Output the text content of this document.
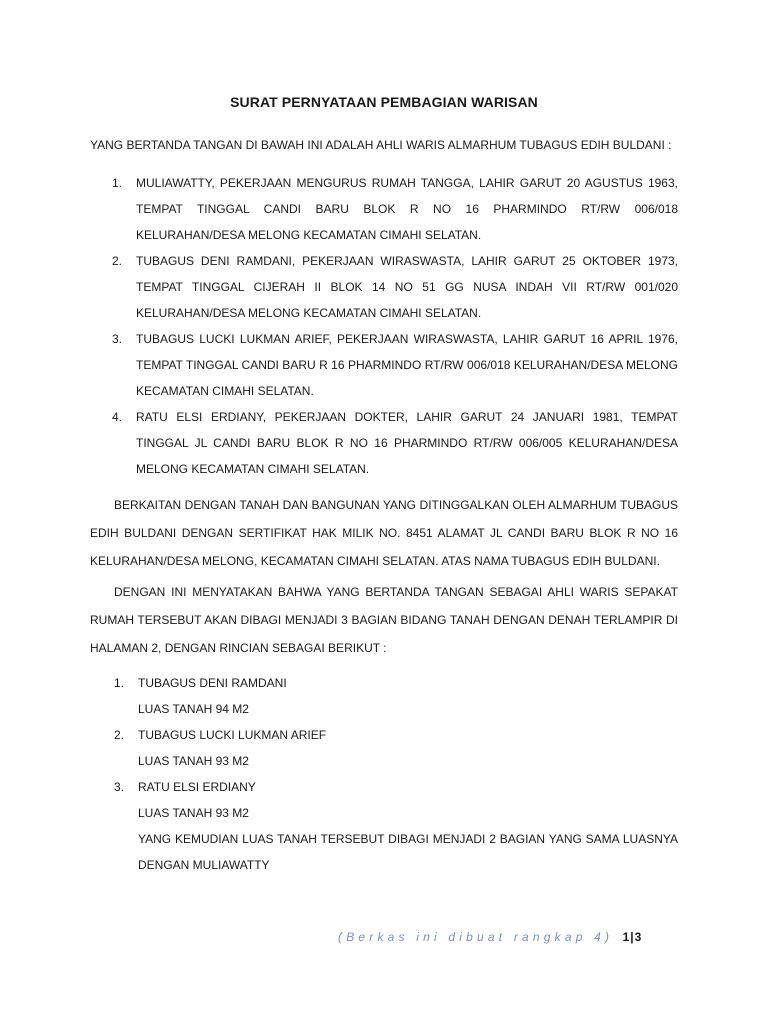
SURAT PERNYATAAN PEMBAGIAN WARISAN
YANG BERTANDA TANGAN DI BAWAH INI ADALAH AHLI WARIS ALMARHUM TUBAGUS EDIH BULDANI :
1. MULIAWATTY, PEKERJAAN MENGURUS RUMAH TANGGA, LAHIR GARUT 20 AGUSTUS 1963, TEMPAT TINGGAL CANDI BARU BLOK R NO 16 PHARMINDO RT/RW 006/018 KELURAHAN/DESA MELONG KECAMATAN CIMAHI SELATAN.
2. TUBAGUS DENI RAMDANI, PEKERJAAN WIRASWASTA, LAHIR GARUT 25 OKTOBER 1973, TEMPAT TINGGAL CIJERAH II BLOK 14 NO 51 GG NUSA INDAH VII RT/RW 001/020 KELURAHAN/DESA MELONG KECAMATAN CIMAHI SELATAN.
3. TUBAGUS LUCKI LUKMAN ARIEF, PEKERJAAN WIRASWASTA, LAHIR GARUT 16 APRIL 1976, TEMPAT TINGGAL CANDI BARU R 16 PHARMINDO RT/RW 006/018 KELURAHAN/DESA MELONG KECAMATAN CIMAHI SELATAN.
4. RATU ELSI ERDIANY, PEKERJAAN DOKTER, LAHIR GARUT 24 JANUARI 1981, TEMPAT TINGGAL JL CANDI BARU BLOK R NO 16 PHARMINDO RT/RW 006/005 KELURAHAN/DESA MELONG KECAMATAN CIMAHI SELATAN.
BERKAITAN DENGAN TANAH DAN BANGUNAN YANG DITINGGALKAN OLEH ALMARHUM TUBAGUS EDIH BULDANI DENGAN SERTIFIKAT HAK MILIK NO. 8451 ALAMAT JL CANDI BARU BLOK R NO 16 KELURAHAN/DESA MELONG, KECAMATAN CIMAHI SELATAN. ATAS NAMA TUBAGUS EDIH BULDANI.
DENGAN INI MENYATAKAN BAHWA YANG BERTANDA TANGAN SEBAGAI AHLI WARIS SEPAKAT RUMAH TERSEBUT AKAN DIBAGI MENJADI 3 BAGIAN BIDANG TANAH DENGAN DENAH TERLAMPIR DI HALAMAN 2, DENGAN RINCIAN SEBAGAI BERIKUT :
1. TUBAGUS DENI RAMDANI
LUAS TANAH 94 M2
2. TUBAGUS LUCKI LUKMAN ARIEF
LUAS TANAH 93 M2
3. RATU ELSI ERDIANY
LUAS TANAH 93 M2
YANG KEMUDIAN LUAS TANAH TERSEBUT DIBAGI MENJADI 2 BAGIAN YANG SAMA LUASNYA DENGAN MULIAWATTY
(Berkas ini dibuat rangkap 4) 1|3
